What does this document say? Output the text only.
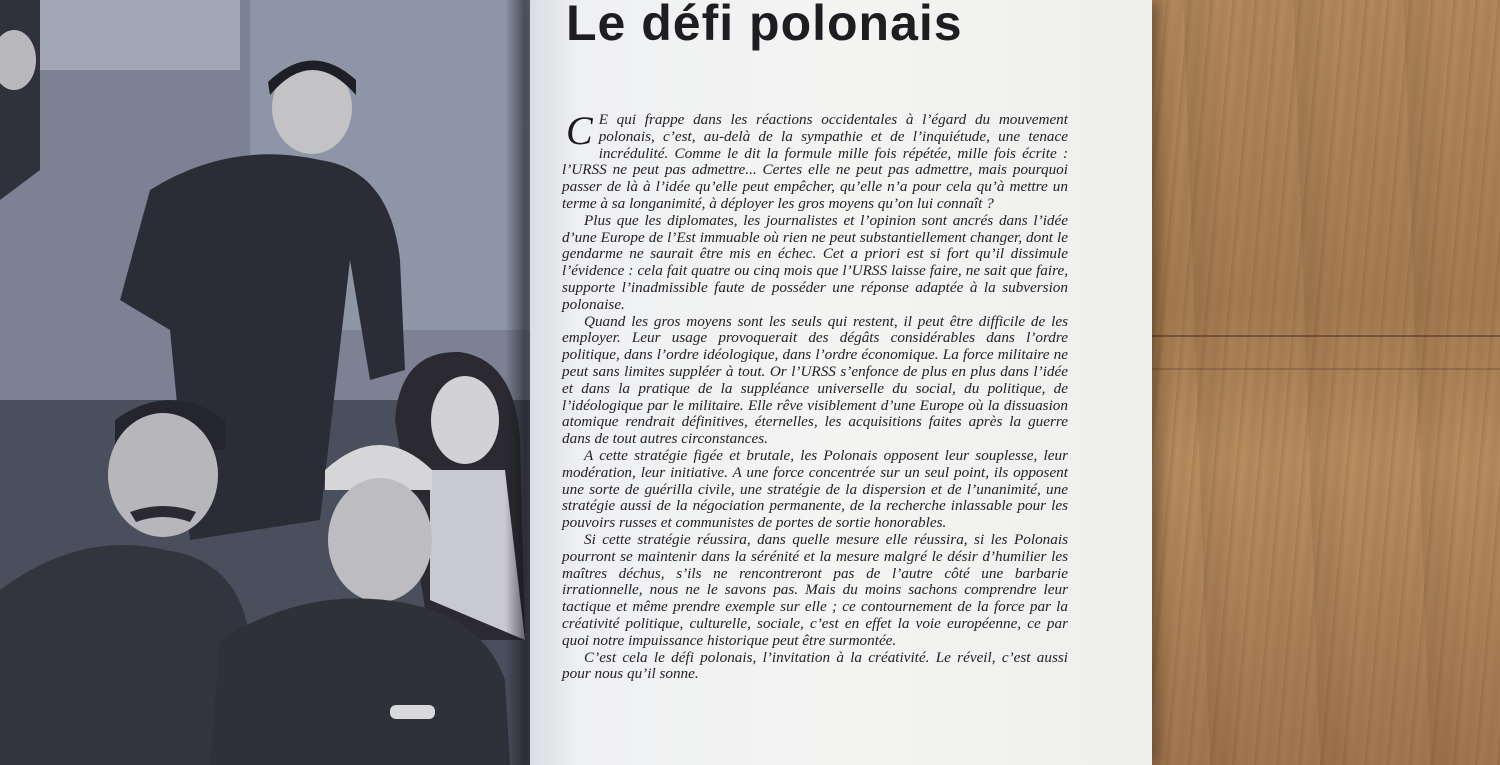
Le défi polonais

C E qui frappe dans les réactions occidentales à l’égard du mouvement polonais, c’est, au-delà de la sympathie et de l’inquiétude, une tenace incrédulité. Comme le dit la formule mille fois répétée, mille fois écrite : l’URSS ne peut pas admettre... Certes elle ne peut pas admettre, mais pourquoi passer de là à l’idée qu’elle peut empêcher, qu’elle n’a pour cela qu’à mettre un terme à sa longanimité, à déployer les gros moyens qu’on lui connaît ?

Plus que les diplomates, les journalistes et l’opinion sont ancrés dans l’idée d’une Europe de l’Est immuable où rien ne peut substantiellement changer, dont le gendarme ne saurait être mis en échec. Cet a priori est si fort qu’il dissimule l’évidence : cela fait quatre ou cinq mois que l’URSS laisse faire, ne sait que faire, supporte l’inadmissible faute de posséder une réponse adaptée à la subversion polonaise.

Quand les gros moyens sont les seuls qui restent, il peut être difficile de les employer. Leur usage provoquerait des dégâts considérables dans l’ordre politique, dans l’ordre idéologique, dans l’ordre économique. La force militaire ne peut sans limites suppléer à tout. Or l’URSS s’enfonce de plus en plus dans l’idée et dans la pratique de la suppléance universelle du social, du politique, de l’idéologique par le militaire. Elle rêve visiblement d’une Europe où la dissuasion atomique rendrait définitives, éternelles, les acquisitions faites après la guerre dans de tout autres circonstances.

A cette stratégie figée et brutale, les Polonais opposent leur souplesse, leur modération, leur initiative. A une force concentrée sur un seul point, ils opposent une sorte de guérilla civile, une stratégie de la dispersion et de l’unanimité, une stratégie aussi de la négociation permanente, de la recherche inlassable pour les pouvoirs russes et communistes de portes de sortie honorables.

Si cette stratégie réussira, dans quelle mesure elle réussira, si les Polonais pourront se maintenir dans la sérénité et la mesure malgré le désir d’humilier les maîtres déchus, s’ils ne rencontreront pas de l’autre côté une barbarie irrationnelle, nous ne le savons pas. Mais du moins sachons comprendre leur tactique et même prendre exemple sur elle ; ce contournement de la force par la créativité politique, culturelle, sociale, c’est en effet la voie européenne, ce par quoi notre impuissance historique peut être surmontée.

C’est cela le défi polonais, l’invitation à la créativité. Le réveil, c’est aussi pour nous qu’il sonne.
